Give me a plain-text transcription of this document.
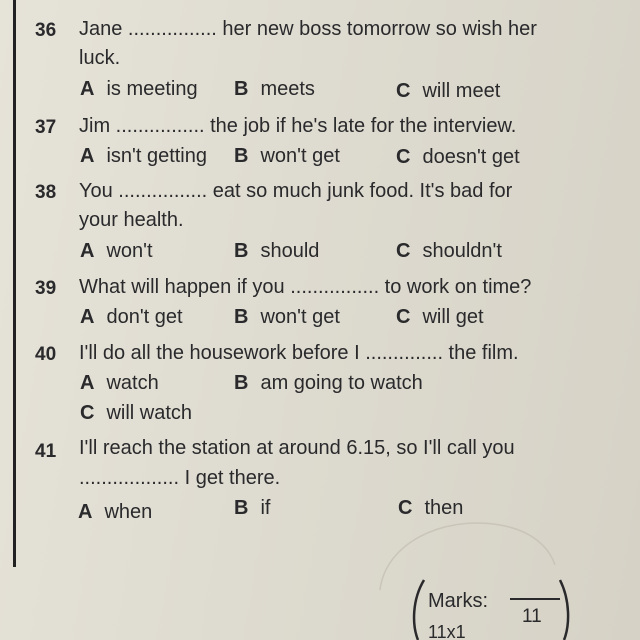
36 Jane ................ her new boss tomorrow so wish her
luck.
A is meeting B meets	C will meet
37 Jim ................ the job if he's late for the interview.
A isn't getting B won't get	C doesn't get
38 You ................ eat so much junk food. It's bad for
your health.
A won't	B should	C shouldn't
39 What will happen if you ................ to work on time?
A don't get	B won't get	C will get
40 I'll do all the housework before I .............. the film.
A watch	B am going to watch
C will watch
41 I'll reach the station at around 6.15, so I'll call you
.................. I get there.
A when	B if	C then
Marks:
11
11x1
